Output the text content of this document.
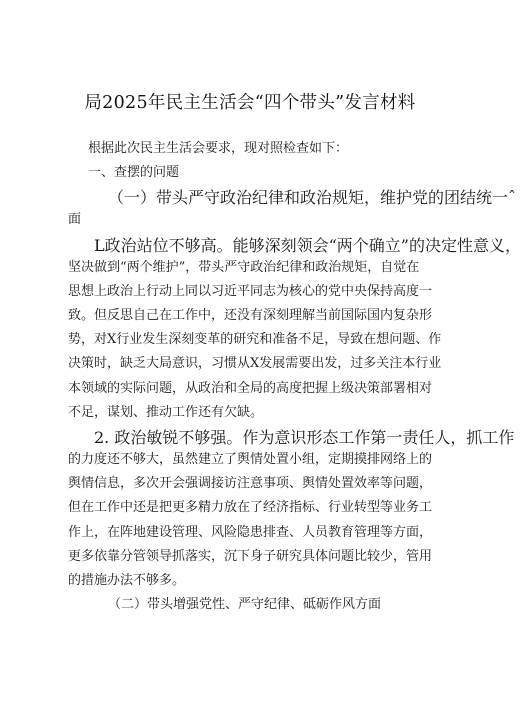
局2025年民主生活会“四个带头”发言材料

根据此次民主生活会要求，现对照检查如下：

一、查摆的问题

（一）带头严守政治纪律和政治规矩，维护党的团结统一ˆ
面
L政治站位不够高。能够深刻领会“两个确立”的决定性意义，
坚决做到“两个维护”，带头严守政治纪律和政治规矩，自觉在
思想上政治上行动上同以习近平同志为核心的党中央保持高度一
致。但反思自己在工作中，还没有深刻理解当前国际国内复杂形
势，对X行业发生深刻变革的研究和准备不足，导致在想问题、作
决策时，缺乏大局意识，习惯从X发展需要出发，过多关注本行业
本领域的实际问题，从政治和全局的高度把握上级决策部署相对
不足，谋划、推动工作还有欠缺。
2. 政治敏锐不够强。作为意识形态工作第一责任人，抓工作
的力度还不够大，虽然建立了舆情处置小组，定期摸排网络上的
舆情信息，多次开会强调接访注意事项、舆情处置效率等问题，
但在工作中还是把更多精力放在了经济指标、行业转型等业务工
作上，在阵地建设管理、风险隐患排查、人员教育管理等方面，
更多依靠分管领导抓落实，沉下身子研究具体问题比较少，管用
的措施办法不够多。

（二）带头增强党性、严守纪律、砥砺作风方面
